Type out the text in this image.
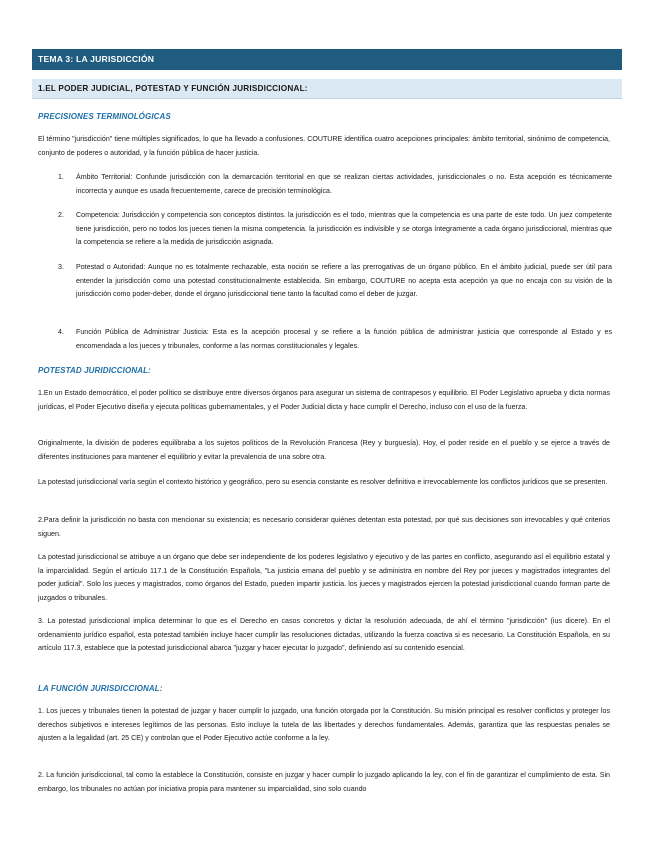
TEMA 3: LA JURISDICCIÓN
1.EL PODER JUDICIAL, POTESTAD Y FUNCIÓN JURISDICCIONAL:
PRECISIONES TERMINOLÓGICAS
El término "jurisdicción" tiene múltiples significados, lo que ha llevado a confusiones. COUTURE identifica cuatro acepciones principales: ámbito territorial, sinónimo de competencia, conjunto de poderes o autoridad, y la función pública de hacer justicia.
1. Ámbito Territorial: Confunde jurisdicción con la demarcación territorial en que se realizan ciertas actividades, jurisdiccionales o no. Esta acepción es técnicamente incorrecta y aunque es usada frecuentemente, carece de precisión terminológica.
2. Competencia: Jurisdicción y competencia son conceptos distintos. la jurisdicción es el todo, mientras que la competencia es una parte de este todo. Un juez competente tiene jurisdicción, pero no todos los jueces tienen la misma competencia. la jurisdicción es indivisible y se otorga íntegramente a cada órgano jurisdiccional, mientras que la competencia se refiere a la medida de jurisdicción asignada.
3. Potestad o Autoridad: Aunque no es totalmente rechazable, esta noción se refiere a las prerrogativas de un órgano público. En el ámbito judicial, puede ser útil para entender la jurisdicción como una potestad constitucionalmente establecida. Sin embargo, COUTURE no acepta esta acepción ya que no encaja con su visión de la jurisdicción como poder-deber, donde el órgano jurisdiccional tiene tanto la facultad como el deber de juzgar.
4. Función Pública de Administrar Justicia: Esta es la acepción procesal y se refiere a la función pública de administrar justicia que corresponde al Estado y es encomendada a los jueces y tribunales, conforme a las normas constitucionales y legales.
POTESTAD JURIDICCIONAL:
1.En un Estado democrático, el poder político se distribuye entre diversos órganos para asegurar un sistema de contrapesos y equilibrio. El Poder Legislativo aprueba y dicta normas jurídicas, el Poder Ejecutivo diseña y ejecuta políticas gubernamentales, y el Poder Judicial dicta y hace cumplir el Derecho, incluso con el uso de la fuerza.
Originalmente, la división de poderes equilibraba a los sujetos políticos de la Revolución Francesa (Rey y burguesía). Hoy, el poder reside en el pueblo y se ejerce a través de diferentes instituciones para mantener el equilibrio y evitar la prevalencia de una sobre otra.
La potestad jurisdiccional varía según el contexto histórico y geográfico, pero su esencia constante es resolver definitiva e irrevocablemente los conflictos jurídicos que se presenten.
2.Para definir la jurisdicción no basta con mencionar su existencia; es necesario considerar quiénes detentan esta potestad, por qué sus decisiones son irrevocables y qué criterios siguen.
La potestad jurisdiccional se atribuye a un órgano que debe ser independiente de los poderes legislativo y ejecutivo y de las partes en conflicto, asegurando así el equilibrio estatal y la imparcialidad. Según el artículo 117.1 de la Constitución Española, "La justicia emana del pueblo y se administra en nombre del Rey por jueces y magistrados integrantes del poder judicial". Solo los jueces y magistrados, como órganos del Estado, pueden impartir justicia. los jueces y magistrados ejercen la potestad jurisdiccional cuando forman parte de juzgados o tribunales.
3. La potestad jurisdiccional implica determinar lo que es el Derecho en casos concretos y dictar la resolución adecuada, de ahí el término "jurisdicción" (ius dicere). En el ordenamiento jurídico español, esta potestad también incluye hacer cumplir las resoluciones dictadas, utilizando la fuerza coactiva si es necesario. La Constitución Española, en su artículo 117.3, establece que la potestad jurisdiccional abarca "juzgar y hacer ejecutar lo juzgado", definiendo así su contenido esencial.
LA FUNCIÓN JURISDICCIONAL:
1. Los jueces y tribunales tienen la potestad de juzgar y hacer cumplir lo juzgado, una función otorgada por la Constitución. Su misión principal es resolver conflictos y proteger los derechos subjetivos e intereses legítimos de las personas. Esto incluye la tutela de las libertades y derechos fundamentales. Además, garantiza que las respuestas penales se ajusten a la legalidad (art. 25 CE) y controlan que el Poder Ejecutivo actúe conforme a la ley.
2. La función jurisdiccional, tal como la establece la Constitución, consiste en juzgar y hacer cumplir lo juzgado aplicando la ley, con el fin de garantizar el cumplimiento de esta. Sin embargo, los tribunales no actúan por iniciativa propia para mantener su imparcialidad, sino solo cuando
